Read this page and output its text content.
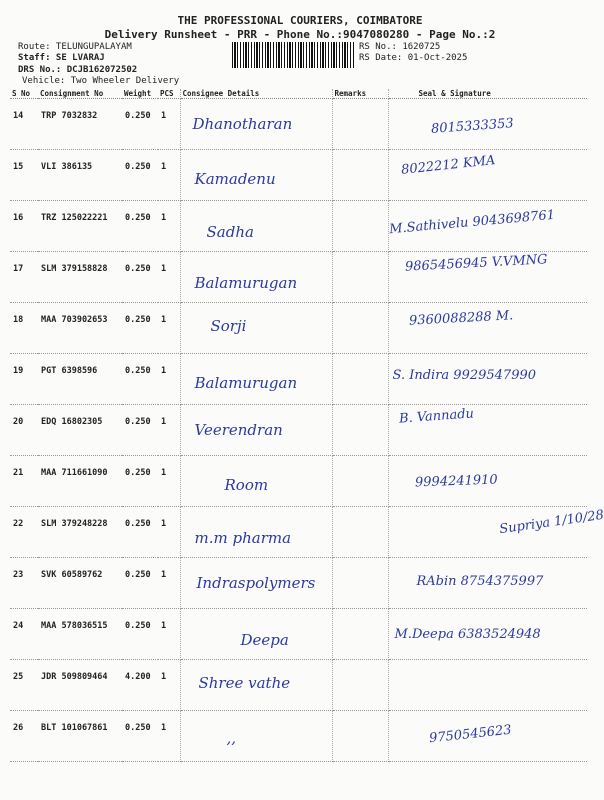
THE PROFESSIONAL COURIERS, COIMBATORE
Delivery Runsheet - PRR - Phone No.:9047080280 - Page No.:2
Route: TELUNGUPALAYAM
Staff: SE LVARAJ
DRS No.: DCJB162072502
Vehicle: Two Wheeler Delivery
RS No.: 1620725
RS Date: 01-Oct-2025
S No	Consignment No	Weight	PCS	Consignee Details	Remarks	Seal & Signature
14	TRP 7032832	0.250	1	Dhanotharan		8015333353

15	VLI 386135	0.250	1	Kamadenu		8022212 KMA

16	TRZ 125022221	0.250	1	Sadha		M.Sathivelu 9043698761

17	SLM 379158828	0.250	1	Balamurugan		9865456945 V.VMNG

18	MAA 703902653	0.250	1	Sorji		9360088288 M.

19	PGT 6398596	0.250	1	Balamurugan		S. Indira 9929547990

20	EDQ 16802305	0.250	1	Veerendran		B. Vannadu

21	MAA 711661090	0.250	1	Room		9994241910

22	SLM 379248228	0.250	1	m.m pharma		Supriya 1/10/28

23	SVK 60589762	0.250	1	Indraspolymers		RAbin 8754375997

24	MAA 578036515	0.250	1	Deepa		M.Deepa 6383524948

25	JDR 509809464	4.200	1	Shree vathe		

26	BLT 101067861	0.250	1	,,		9750545623
